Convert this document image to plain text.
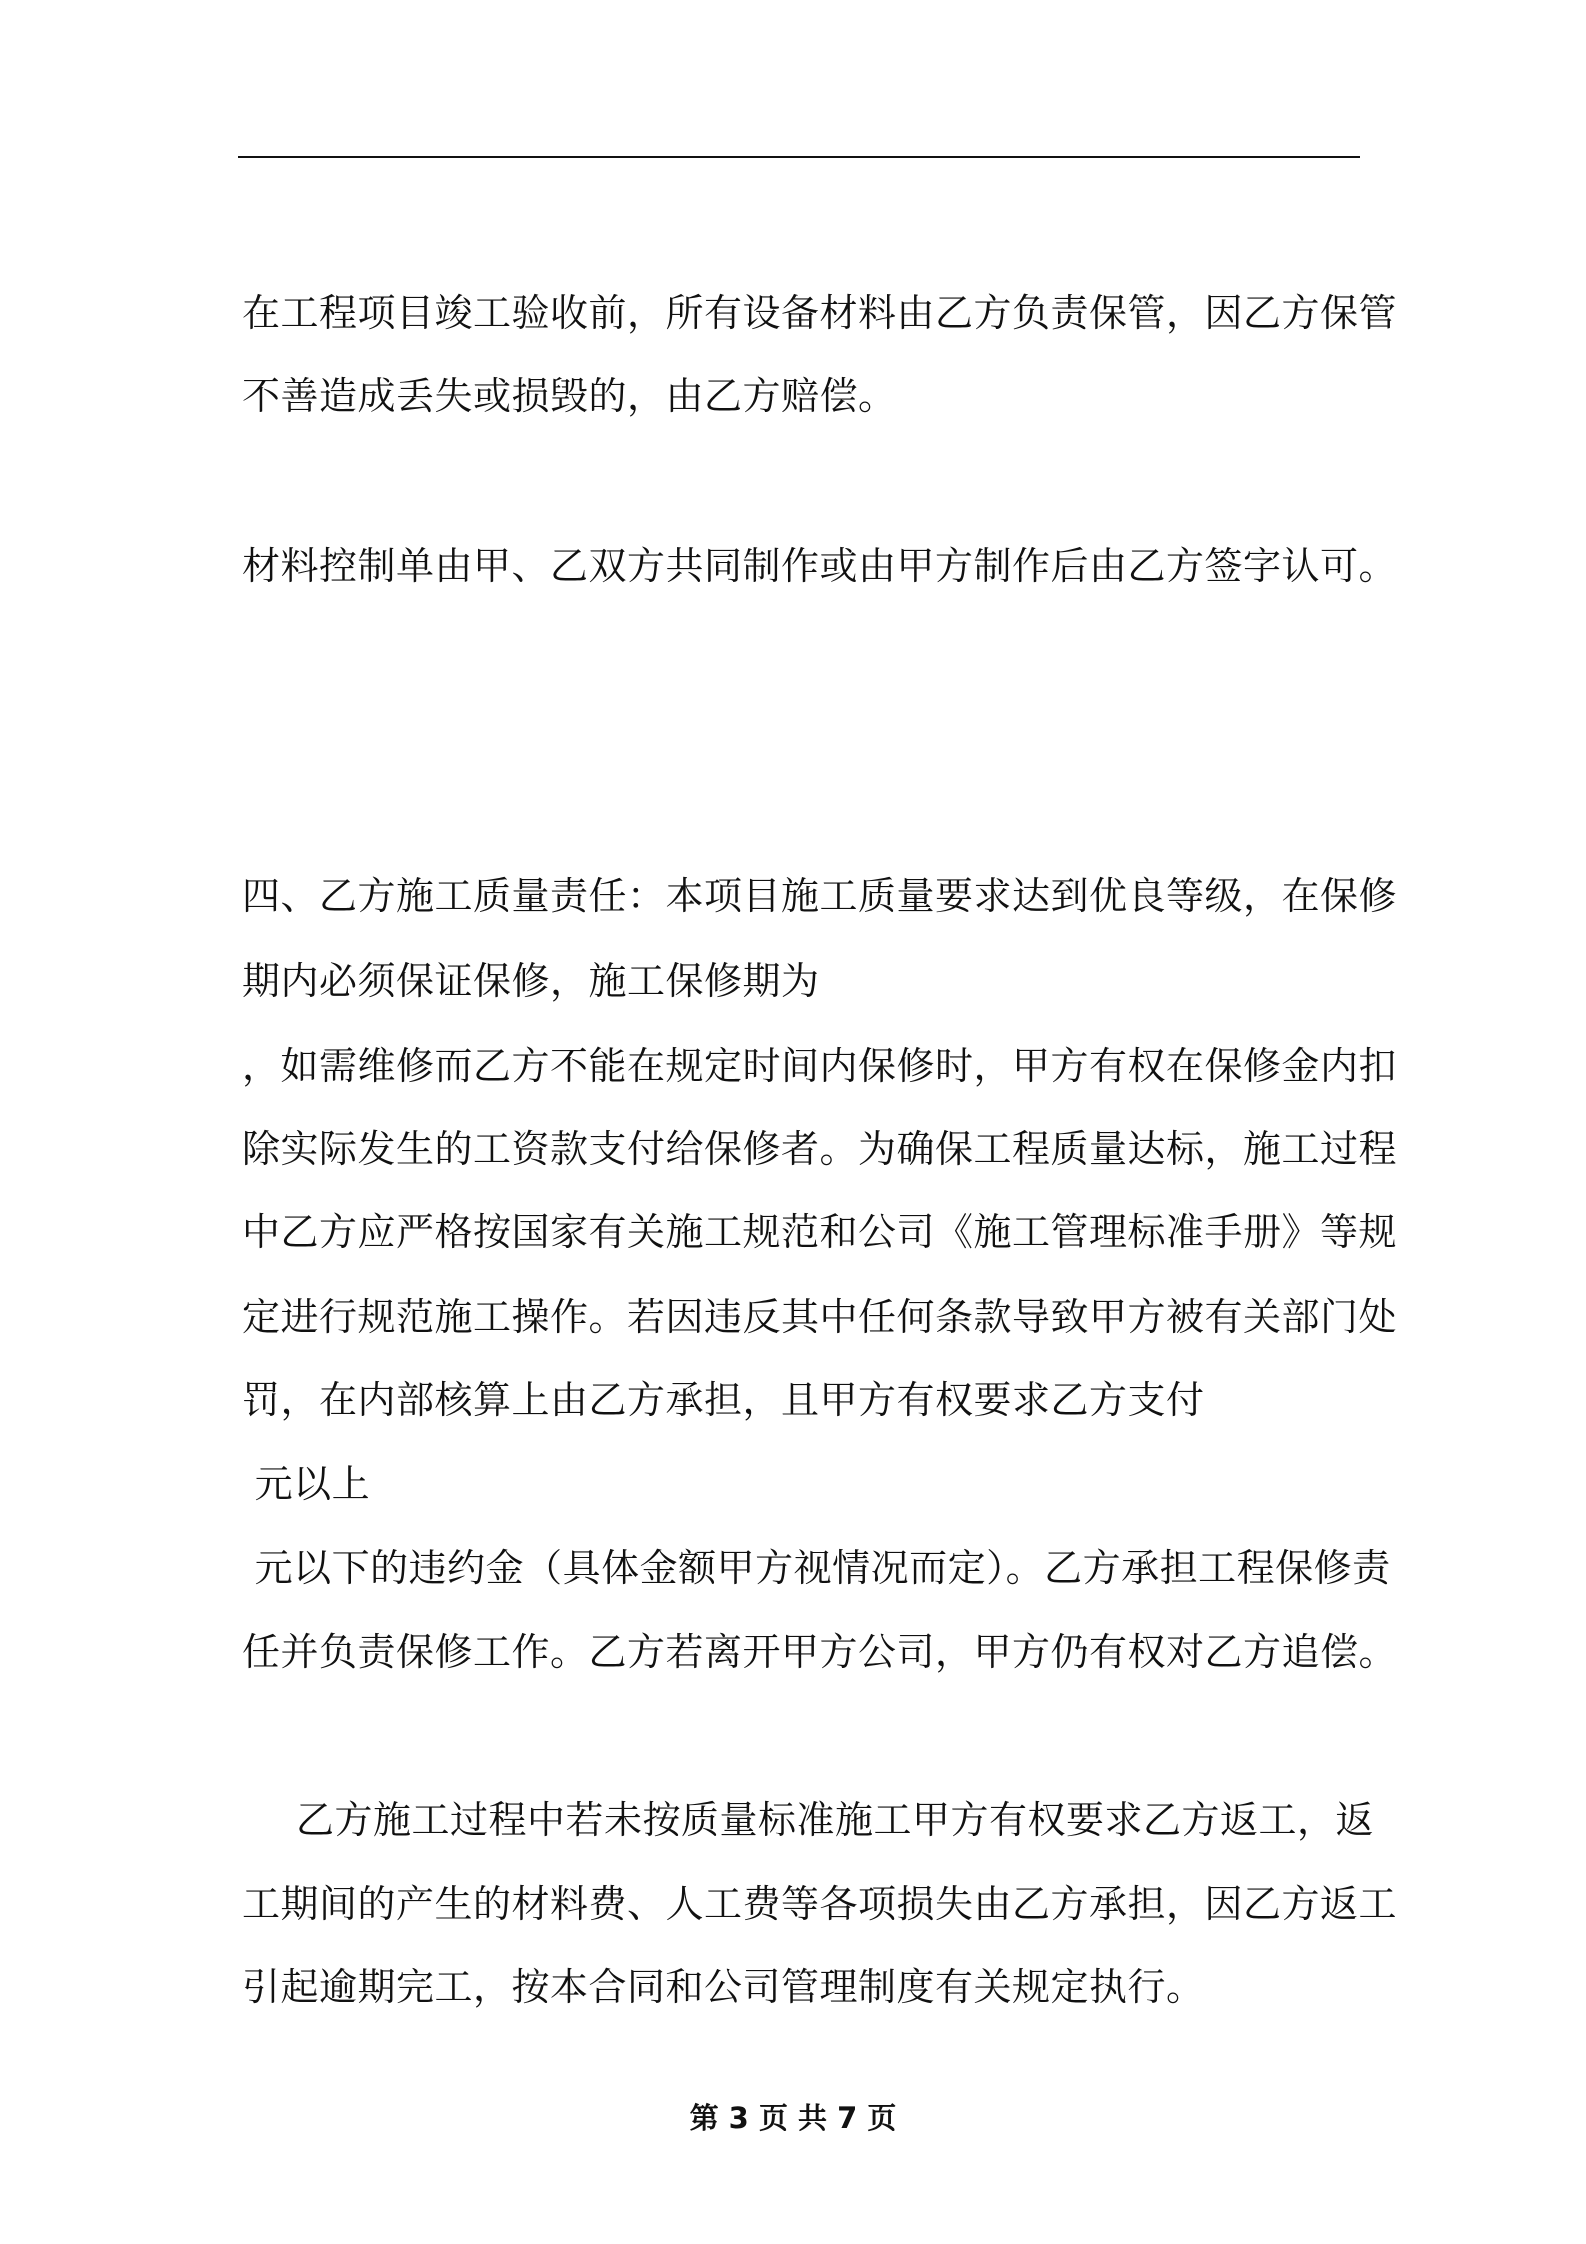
在工程项目竣工验收前，所有设备材料由乙方负责保管，因乙方保管
不善造成丢失或损毁的，由乙方赔偿。
材料控制单由甲、乙双方共同制作或由甲方制作后由乙方签字认可。
四、乙方施工质量责任：本项目施工质量要求达到优良等级，在保修
期内必须保证保修，施工保修期为
，如需维修而乙方不能在规定时间内保修时，甲方有权在保修金内扣
除实际发生的工资款支付给保修者。为确保工程质量达标，施工过程
中乙方应严格按国家有关施工规范和公司《施工管理标准手册》等规
定进行规范施工操作。若因违反其中任何条款导致甲方被有关部门处
罚，在内部核算上由乙方承担，且甲方有权要求乙方支付
元以上
元以下的违约金（具体金额甲方视情况而定）。乙方承担工程保修责
任并负责保修工作。乙方若离开甲方公司，甲方仍有权对乙方追偿。
乙方施工过程中若未按质量标准施工甲方有权要求乙方返工，返
工期间的产生的材料费、人工费等各项损失由乙方承担，因乙方返工
引起逾期完工，按本合同和公司管理制度有关规定执行。
第 3 页 共 7 页
